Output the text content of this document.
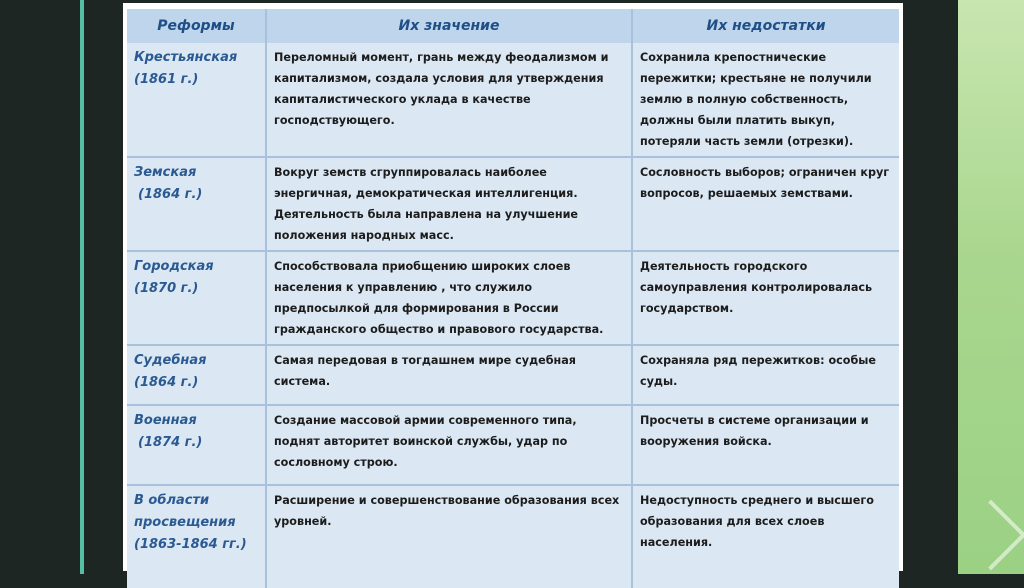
Реформы	Их значение	Их недостатки

Крестьянская
(1861 г.)	Переломный момент, грань между феодализмом и капитализмом, создала условия для утверждения капиталистического уклада в качестве господствующего.	Сохранила крепостнические пережитки; крестьяне не получили землю в полную собственность, должны были платить выкуп, потеряли часть земли (отрезки).

Земская
(1864 г.)	Вокруг земств сгруппировалась наиболее энергичная, демократическая интеллигенция. Деятельность была направлена на улучшение положения народных масс.	Сословность выборов; ограничен круг вопросов, решаемых земствами.

Городская
(1870 г.)	Способствовала приобщению широких слоев населения к управлению , что служило предпосылкой для формирования в России гражданского общество и правового государства.	Деятельность городского самоуправления контролировалась государством.

Судебная
(1864 г.)	Самая передовая в тогдашнем мире судебная система.	Сохраняла ряд пережитков: особые суды.

Военная
(1874 г.)	Создание массовой армии современного типа, поднят авторитет воинской службы, удар по сословному строю.	Просчеты в системе организации и вооружения войска.

В области просвещения
(1863-1864 гг.)	Расширение и совершенствование образования всех уровней.	Недоступность среднего и высшего образования для всех слоев населения.
